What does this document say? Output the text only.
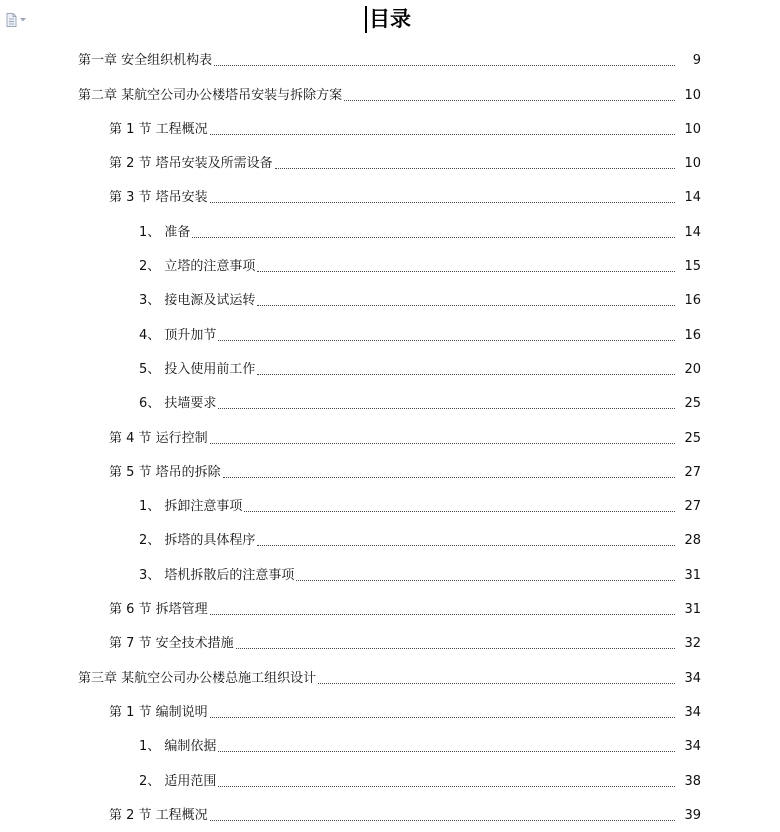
目录
第一章 安全组织机构表	9
第二章 某航空公司办公楼塔吊安装与拆除方案	10
第 1 节 工程概况	10
第 2 节 塔吊安装及所需设备	10
第 3 节 塔吊安装	14
1、 准备	14
2、 立塔的注意事项	15
3、 接电源及试运转	16
4、 顶升加节	16
5、 投入使用前工作	20
6、 扶墙要求	25
第 4 节 运行控制	25
第 5 节 塔吊的拆除	27
1、 拆卸注意事项	27
2、 拆塔的具体程序	28
3、 塔机拆散后的注意事项	31
第 6 节 拆塔管理	31
第 7 节 安全技术措施	32
第三章 某航空公司办公楼总施工组织设计	34
第 1 节 编制说明	34
1、 编制依据	34
2、 适用范围	38
第 2 节 工程概况	39
